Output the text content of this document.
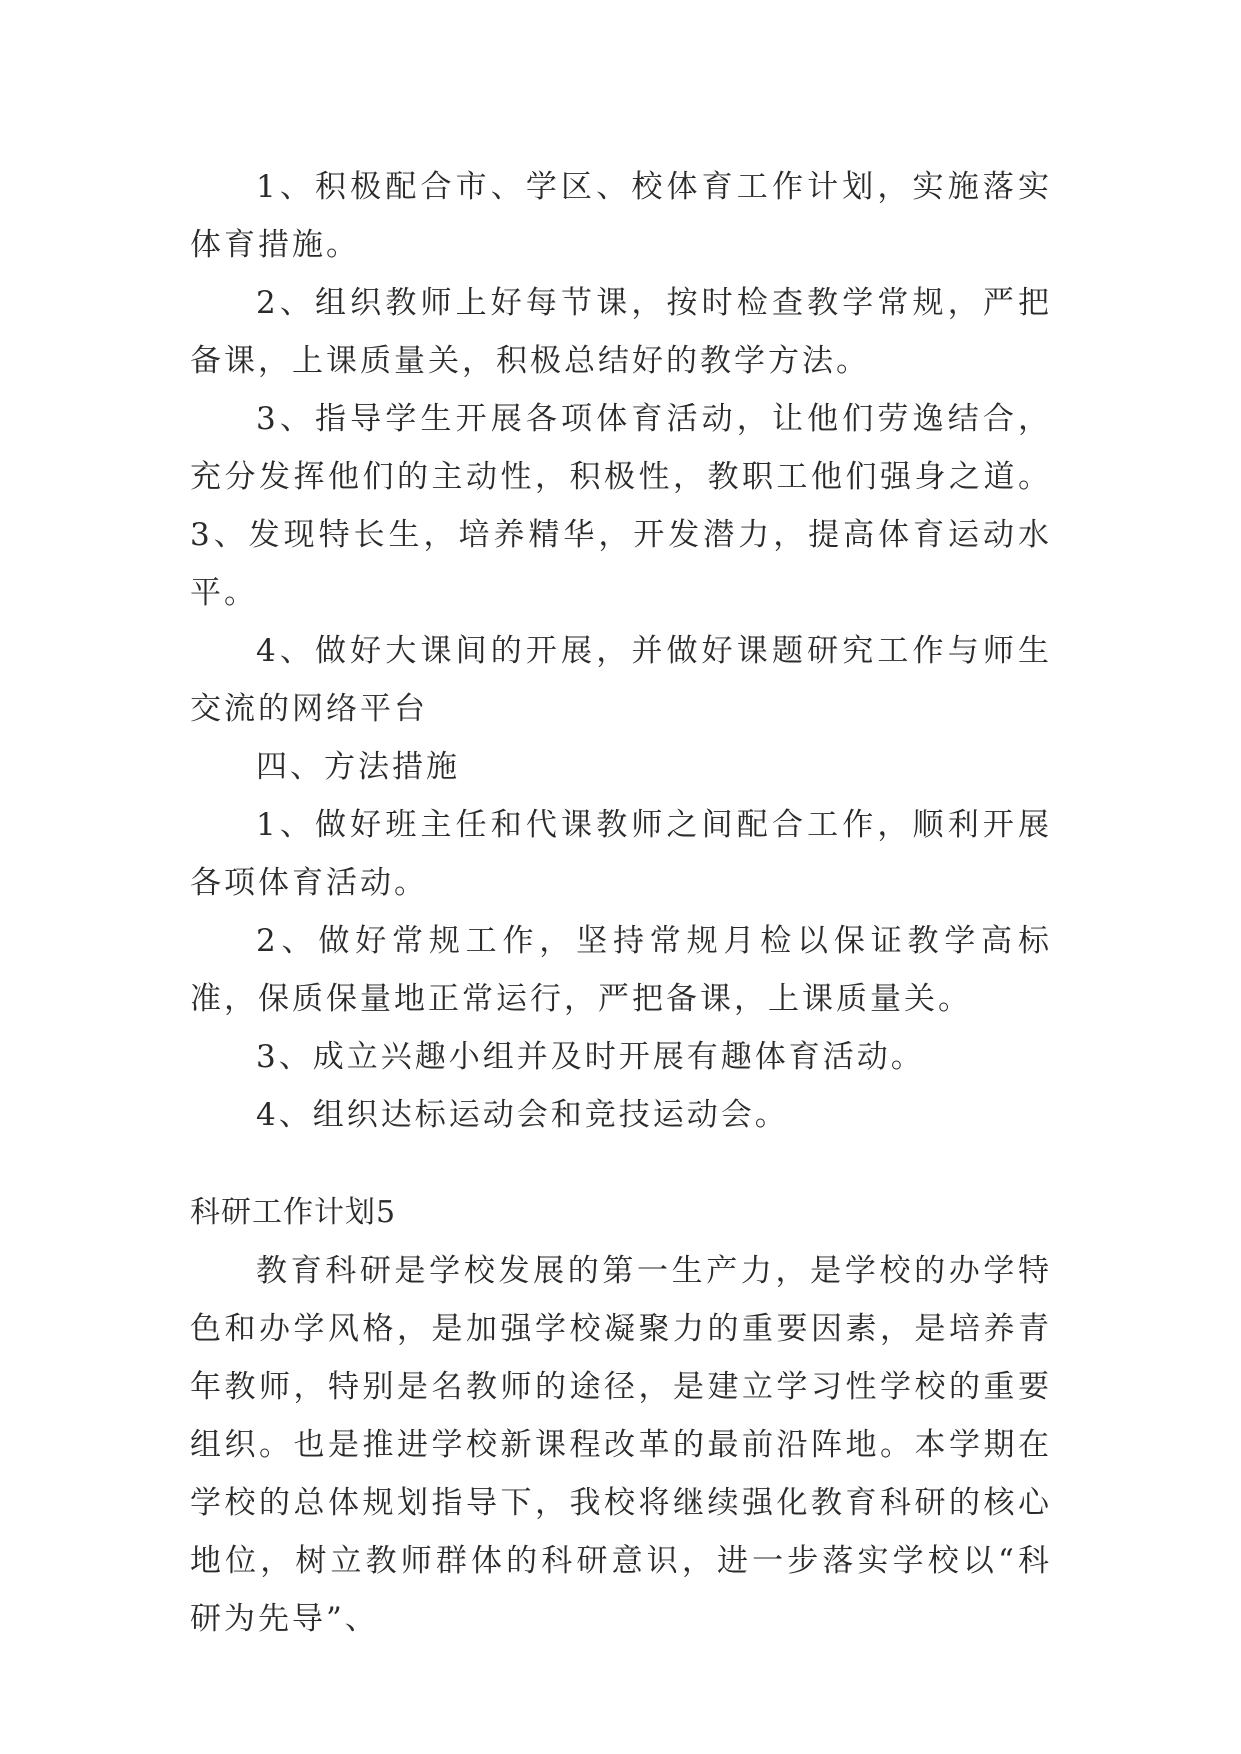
1、积极配合市、学区、校体育工作计划，实施落实体育措施。

2、组织教师上好每节课，按时检查教学常规，严把备课，上课质量关，积极总结好的教学方法。

3、指导学生开展各项体育活动，让他们劳逸结合，充分发挥他们的主动性，积极性，教职工他们强身之道。3、发现特长生，培养精华，开发潜力，提高体育运动水平。

4、做好大课间的开展，并做好课题研究工作与师生交流的网络平台

四、方法措施

1、做好班主任和代课教师之间配合工作，顺利开展各项体育活动。

2、做好常规工作，坚持常规月检以保证教学高标准，保质保量地正常运行，严把备课，上课质量关。

3、成立兴趣小组并及时开展有趣体育活动。

4、组织达标运动会和竞技运动会。

科研工作计划5

教育科研是学校发展的第一生产力，是学校的办学特色和办学风格，是加强学校凝聚力的重要因素，是培养青年教师，特别是名教师的途径，是建立学习性学校的重要组织。也是推进学校新课程改革的最前沿阵地。本学期在学校的总体规划指导下，我校将继续强化教育科研的核心地位，树立教师群体的科研意识，进一步落实学校以“科研为先导”、
